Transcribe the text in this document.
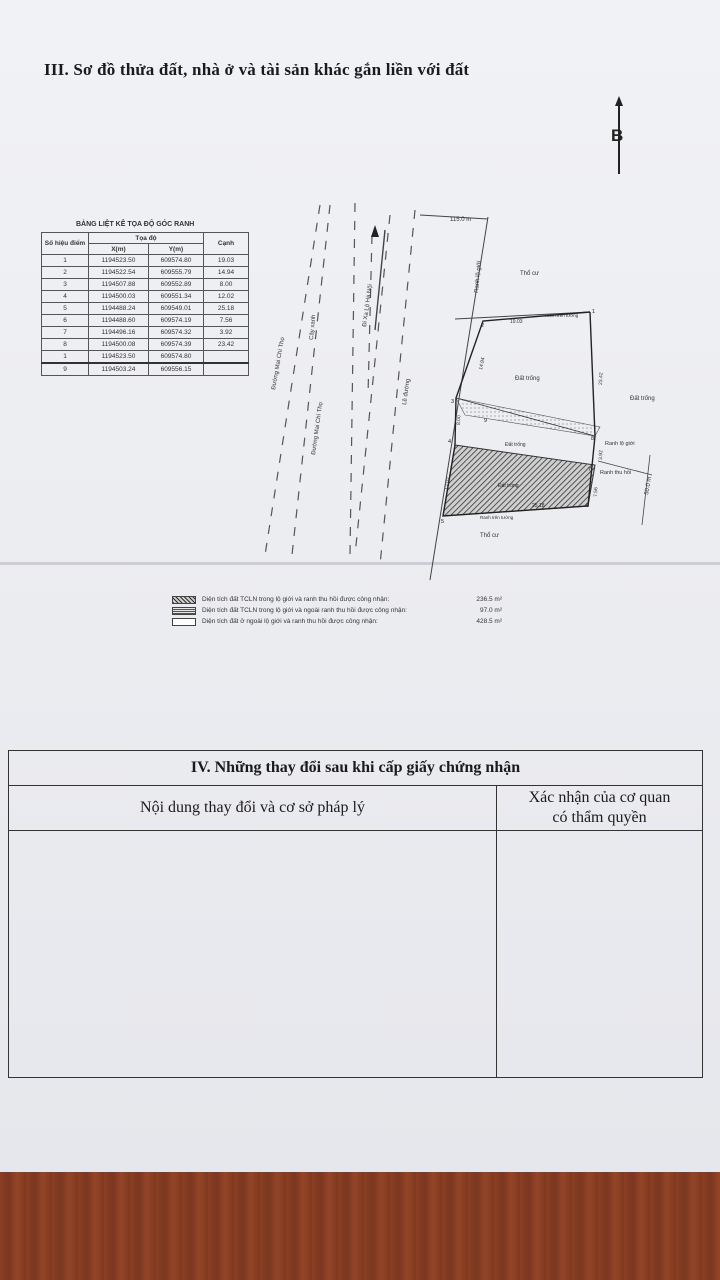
III. Sơ đồ thửa đất, nhà ở và tài sản khác gắn liền với đất
B
BẢNG LIỆT KÊ TỌA ĐỘ GÓC RANH
Số hiệu điểm	Tọa độ		Cạnh
	X(m)	Y(m)	
1	1194523.50	609574.80	19.03
2	1194522.54	609555.79	14.94
3	1194507.88	609552.89	8.00
4	1194500.03	609551.34	12.02
5	1194488.24	609549.01	25.18
6	1194488.60	609574.19	7.56
7	1194496.16	609574.32	3.92
8	1194500.08	609574.39	23.42
1	1194523.50	609574.80	
9	1194503.24	609556.15	
115.0 m
Ranh lộ giới	Thổ cư
Đất trống
Đất trống
Đất trống
Đất trống
Thổ cư
Ranh trên tường
Ranh trên tường
Ranh lộ giới
Ranh thu hồi
Đường Mai Chí Thọ
Cây xanh
Đường Mai Chí Thọ
Đi Xa Lộ Hà Nội
Lề đường
50.0 m
1
2
3
4
5
6
7
8
9
19.03
14.94
8.00
12.02
23.42
3.92
7.56
25.18
Diện tích đất TCLN trong lộ giới và ranh thu hồi được công nhận:	236.5 m²
Diện tích đất TCLN trong lộ giới và ngoài ranh thu hồi được công nhận:	97.0 m²
Diện tích đất ở ngoài lộ giới và ranh thu hồi được công nhận:	428.5 m²
IV. Những thay đổi sau khi cấp giấy chứng nhận
Nội dung thay đổi và cơ sở pháp lý
Xác nhận của cơ quan
có thẩm quyền
